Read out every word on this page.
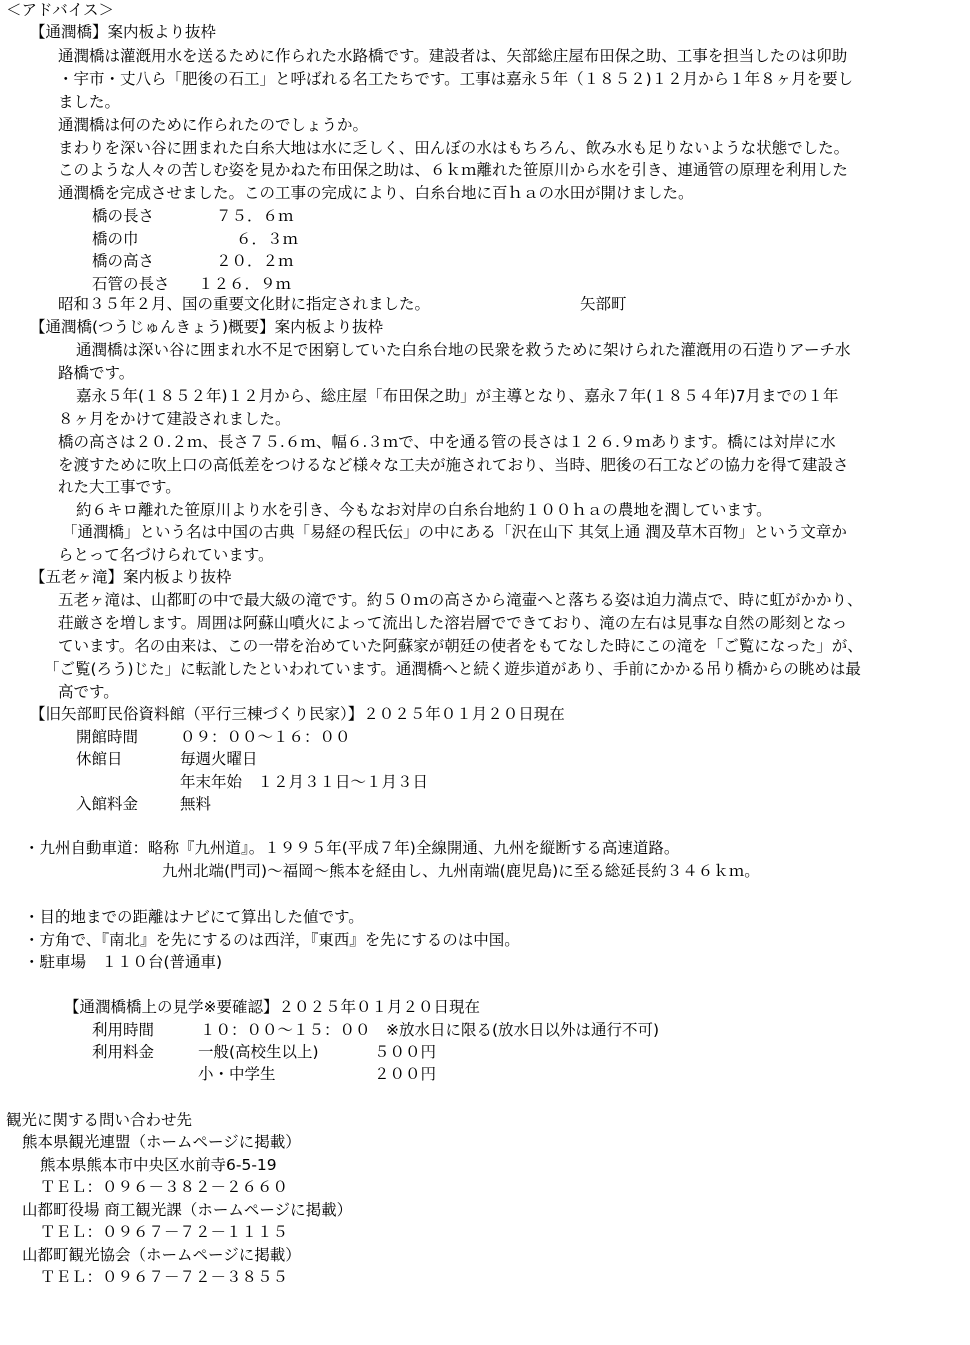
＜アドバイス＞
【通潤橋】案内板より抜枠
通潤橋は灌漑用水を送るために作られた水路橋です。建設者は、矢部総庄屋布田保之助、工事を担当したのは卯助
・宇市・丈八ら「肥後の石工」と呼ばれる名工たちです。工事は嘉永５年（１８５２)１２月から１年８ヶ月を要し
ました。
通潤橋は何のために作られたのでしょうか。
まわりを深い谷に囲まれた白糸大地は水に乏しく、田んぼの水はもちろん、飲み水も足りないような状態でした。
このような人々の苦しむ姿を見かねた布田保之助は、６ｋｍ離れた笹原川から水を引き、連通管の原理を利用した
通潤橋を完成させました。この工事の完成により、白糸台地に百ｈａの水田が開けました。
橋の長さ	７５．６ｍ
橋の巾	６．３ｍ
橋の高さ	２０．２ｍ
石管の長さ １２６．９ｍ
昭和３５年２月、国の重要文化財に指定されました。	矢部町
【通潤橋(つうじゅんきょう)概要】案内板より抜枠
通潤橋は深い谷に囲まれ水不足で困窮していた白糸台地の民衆を救うために架けられた灌漑用の石造りアーチ水
路橋です。
嘉永５年(１８５２年)１２月から、総庄屋「布田保之助」が主導となり、嘉永７年(１８５４年)7月までの１年
８ヶ月をかけて建設されました。
橋の高さは２０.２ｍ、長さ７５.６ｍ、幅６.３ｍで、中を通る管の長さは１２６.９ｍあります。橋には対岸に水
を渡すために吹上口の高低差をつけるなど様々な工夫が施されており、当時、肥後の石工などの協力を得て建設さ
れた大工事です。
約６キロ離れた笹原川より水を引き、今もなお対岸の白糸台地約１００ｈａの農地を潤しています。
「通潤橋」という名は中国の古典「易経の程氏伝」の中にある「沢在山下 其気上通 潤及草木百物」という文章か
らとって名づけられています。
【五老ヶ滝】案内板より抜枠
五老ヶ滝は、山都町の中で最大級の滝です。約５０ｍの高さから滝壷へと落ちる姿は迫力満点で、時に虹がかかり、
荘厳さを増します。周囲は阿蘇山噴火によって流出した溶岩層でできており、滝の左右は見事な自然の彫刻となっ
ています。名の由来は、この一帯を治めていた阿蘇家が朝廷の使者をもてなした時にこの滝を「ご覧になった」が、
「ご覧(ろう)じた」に転訛したといわれています。通潤橋へと続く遊歩道があり、手前にかかる吊り橋からの眺めは最
高です。
【旧矢部町民俗資料館（平行三棟づくり民家）】２０２５年０１月２０日現在
開館時間	０９：００～１６：００
休館日	毎週火曜日
年末年始　１２月３１日～１月３日
入館料金	無料
・九州自動車道：略称『九州道』。１９９５年(平成７年)全線開通、九州を縦断する高速道路。
九州北端(門司)～福岡～熊本を経由し、九州南端(鹿児島)に至る総延長約３４６ｋｍ。
・目的地までの距離はナビにて算出した値です。
・方角で、『南北』を先にするのは西洋，『東西』を先にするのは中国。
・駐車場　１１０台(普通車)
【通潤橋橋上の見学※要確認】２０２５年０１月２０日現在
利用時間	１０：００～１５：００　※放水日に限る(放水日以外は通行不可)
利用料金	一般(高校生以上)	５００円
小・中学生	２００円
観光に関する問い合わせ先
熊本県観光連盟（ホームページに掲載）
熊本県熊本市中央区水前寺6-5-19
ＴＥＬ：０９６－３８２－２６６０
山都町役場 商工観光課（ホームページに掲載）
ＴＥＬ：０９６７－７２－１１１５
山都町観光協会（ホームページに掲載）
ＴＥＬ：０９６７－７２－３８５５
